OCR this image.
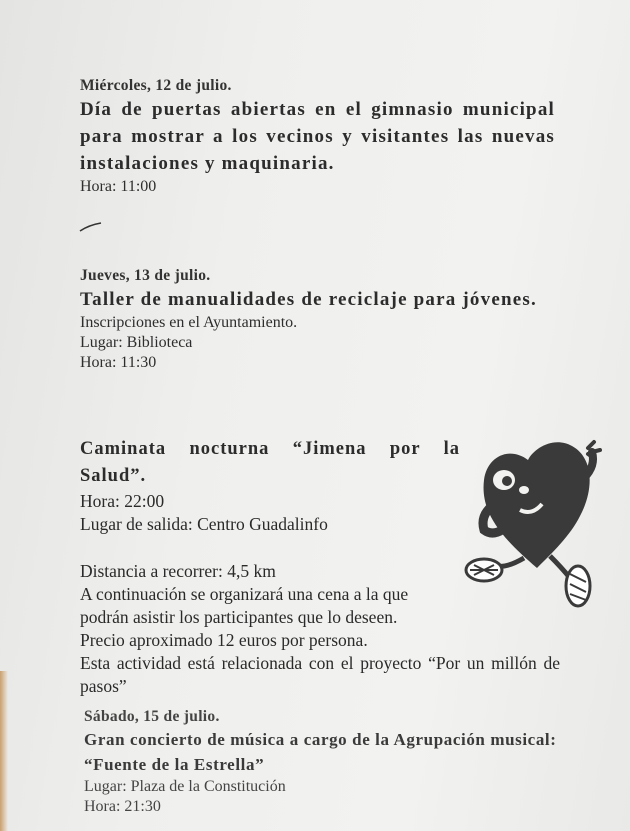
Miércoles, 12 de julio.
Día de puertas abiertas en el gimnasio municipal para mostrar a los vecinos y visitantes las nuevas instalaciones y maquinaria.
Hora: 11:00
Jueves, 13 de julio.
Taller de manualidades de reciclaje para jóvenes.
Inscripciones en el Ayuntamiento.
Lugar: Biblioteca
Hora: 11:30
Caminata nocturna “Jimena por la Salud”.
Hora: 22:00
Lugar de salida: Centro Guadalinfo
Distancia a recorrer: 4,5 km
A continuación se organizará una cena a la que
podrán asistir los participantes que lo deseen.
Precio aproximado 12 euros por persona.
Esta actividad está relacionada con el proyecto “Por un millón de pasos”
Sábado, 15 de julio.
Gran concierto de música a cargo de la Agrupación musical: “Fuente de la Estrella”
Lugar: Plaza de la Constitución
Hora: 21:30
